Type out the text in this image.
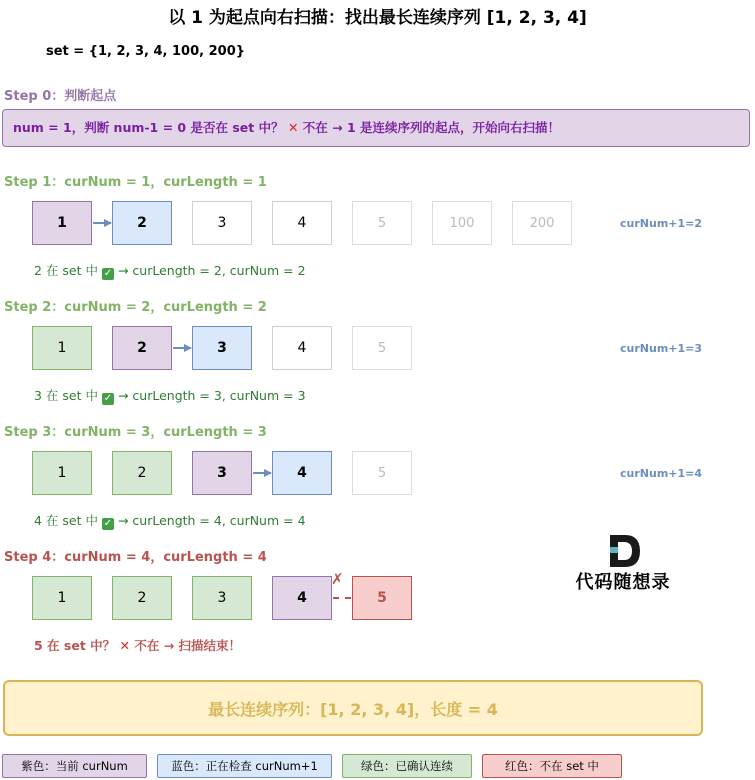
以 1 为起点向右扫描：找出最长连续序列 [1, 2, 3, 4]
set = {1, 2, 3, 4, 100, 200}
Step 0：判断起点
num = 1，判断 num-1 = 0 是否在 set 中？ ✕ 不在 → 1 是连续序列的起点，开始向右扫描！
Step 1：curNum = 1，curLength = 1
1	2	3	4	5	100	200	curNum+1=2
2 在 set 中 ✓ → curLength = 2, curNum = 2
Step 2：curNum = 2，curLength = 2
1	2	3	4	5	curNum+1=3
3 在 set 中 ✓ → curLength = 3, curNum = 3
Step 3：curNum = 3，curLength = 3
1	2	3	4	5	curNum+1=4
4 在 set 中 ✓ → curLength = 4, curNum = 4
Step 4：curNum = 4，curLength = 4
1	2	3	4	5
✗
5 在 set 中？ ✕ 不在 → 扫描结束！
代码随想录
最长连续序列：[1, 2, 3, 4]，长度 = 4
紫色：当前 curNum	蓝色：正在检查 curNum+1	绿色：已确认连续	红色：不在 set 中
